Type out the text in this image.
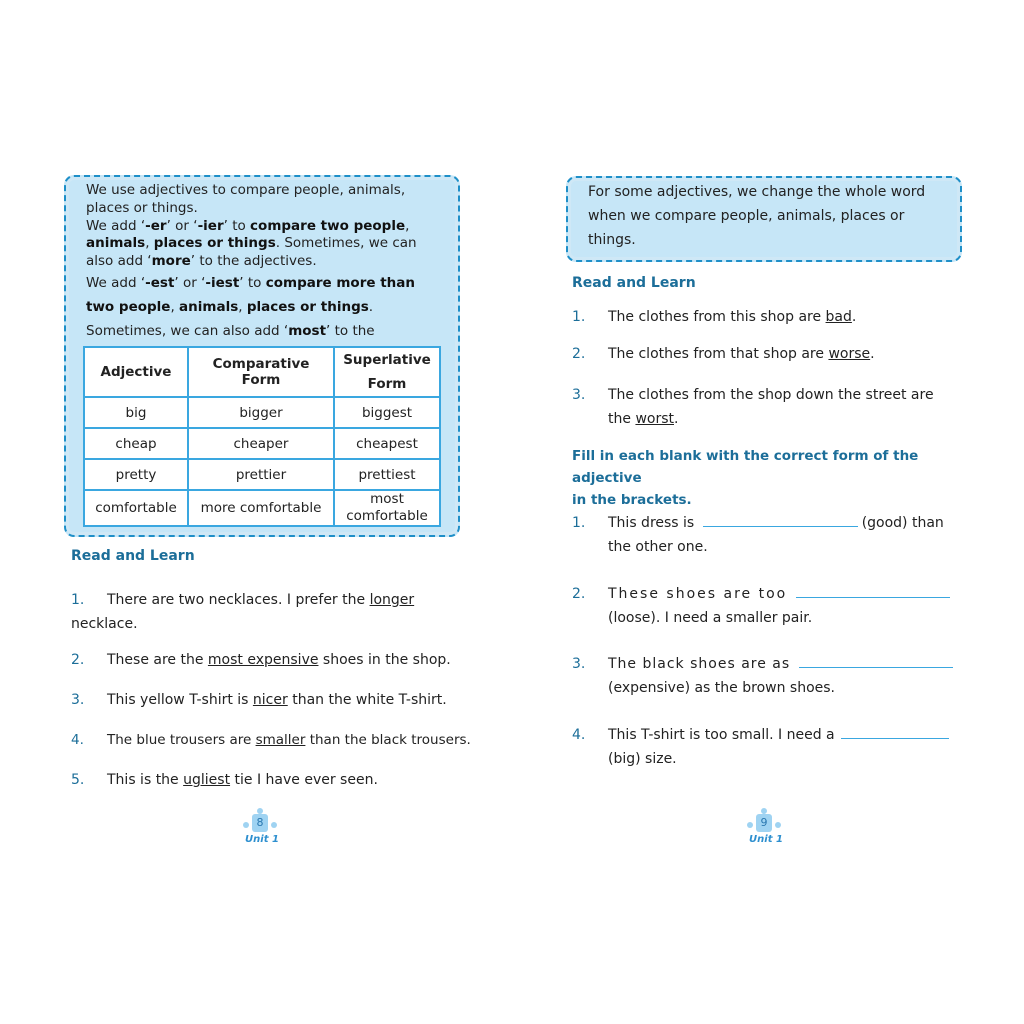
We use adjectives to compare people, animals, places or things.

We add ‘-er’ or ‘-ier’ to compare two people, animals, places or things. Sometimes, we can also add ‘more’ to the adjectives.

We add ‘-est’ or ‘-iest’ to compare more than two people, animals, places or things. Sometimes, we can also add ‘most’ to the

Adjective	Comparative Form	Superlative Form
big	bigger	biggest
cheap	cheaper	cheapest
pretty	prettier	prettiest
comfortable	more comfortable	most comfortable
Read and Learn
1. There are two necklaces. I prefer the longer
necklace.
2. These are the most expensive shoes in the shop.
3. This yellow T-shirt is nicer than the white T-shirt.
4. The blue trousers are smaller than the black trousers.
5. This is the ugliest tie I have ever seen.
8
Unit 1
For some adjectives, we change the whole word when we compare people, animals, places or things.
Read and Learn
1. The clothes from this shop are bad.
2. The clothes from that shop are worse.
3. The clothes from the shop down the street are
the worst.
Fill in each blank with the correct form of the adjective
in the brackets.
1. This dress is	(good) than
the other one.
2. These shoes are too
(loose). I need a smaller pair.
3. The black shoes are as
(expensive) as the brown shoes.
4. This T-shirt is too small. I need a
(big) size.
9
Unit 1
